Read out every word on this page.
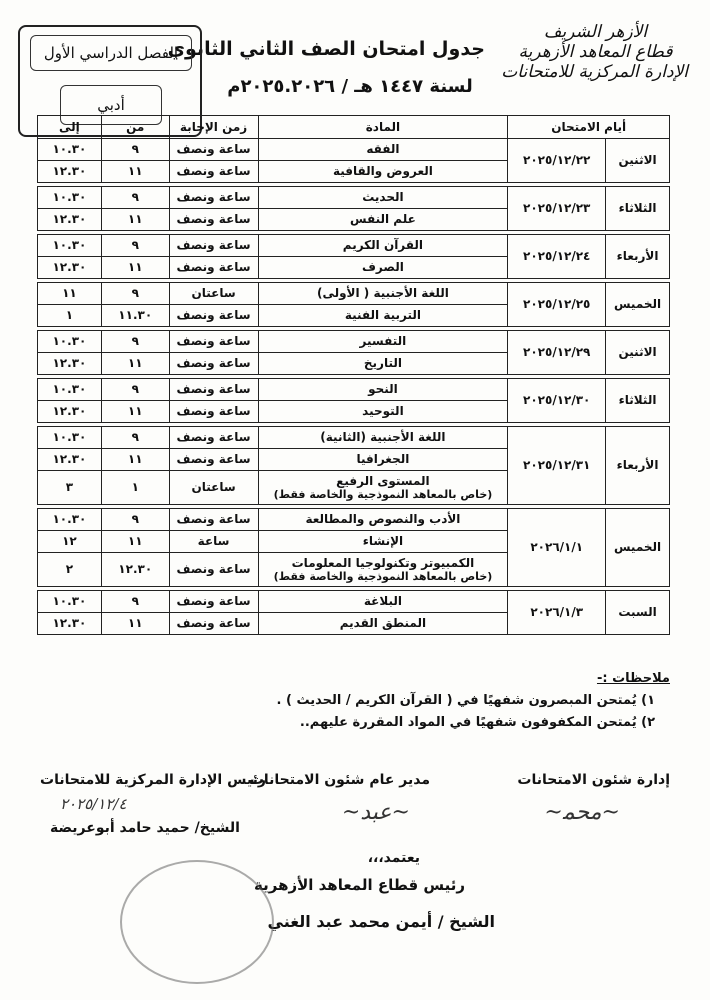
الأزهر الشريف
قطاع المعاهد الأزهرية
الإدارة المركزية للامتحانات
جدول امتحان الصف الثاني الثانوي
لسنة ١٤٤٧ هـ / ٢٠٢٥.٢٠٢٦م
الفصل الدراسي الأول
أدبي
أيام الامتحان		المادة	زمن الإجابة	من	إلى
الاثنين	٢٠٢٥/١٢/٢٢	الفقه	ساعة ونصف	٩	١٠.٣٠

		العروض والقافية	ساعة ونصف	١١	١٢.٣٠

الثلاثاء	٢٠٢٥/١٢/٢٣	الحديث	ساعة ونصف	٩	١٠.٣٠

		علم النفس	ساعة ونصف	١١	١٢.٣٠

الأربعاء	٢٠٢٥/١٢/٢٤	القرآن الكريم	ساعة ونصف	٩	١٠.٣٠

		الصرف	ساعة ونصف	١١	١٢.٣٠

الخميس	٢٠٢٥/١٢/٢٥	اللغة الأجنبية ( الأولى)	ساعتان	٩	١١

		التربية الفنية	ساعة ونصف	١١.٣٠	١

الاثنين	٢٠٢٥/١٢/٢٩	التفسير	ساعة ونصف	٩	١٠.٣٠

		التاريخ	ساعة ونصف	١١	١٢.٣٠

الثلاثاء	٢٠٢٥/١٢/٣٠	النحو	ساعة ونصف	٩	١٠.٣٠

		التوحيد	ساعة ونصف	١١	١٢.٣٠

الأربعاء	٢٠٢٥/١٢/٣١	اللغة الأجنبية (الثانية)	ساعة ونصف	٩	١٠.٣٠

		الجغرافيا	ساعة ونصف	١١	١٢.٣٠

		المستوى الرفيع
(خاص بالمعاهد النموذجية والخاصة فقط)	ساعتان	١	٣

الخميس	٢٠٢٦/١/١	الأدب والنصوص والمطالعة	ساعة ونصف	٩	١٠.٣٠

		الإنشاء	ساعة	١١	١٢

		الكمبيوتر وتكنولوجيا المعلومات
(خاص بالمعاهد النموذجية والخاصة فقط)	ساعة ونصف	١٢.٣٠	٢

السبت	٢٠٢٦/١/٣	البلاغة	ساعة ونصف	٩	١٠.٣٠

		المنطق القديم	ساعة ونصف	١١	١٢.٣٠
ملاحظات :-
١) يُمتحن المبصرون شفهيًا في ( القرآن الكريم / الحديث ) .
٢) يُمتحن المكفوفون شفهيًا في المواد المقررة عليهم..
إدارة شئون الامتحانات
مدير عام شئون الامتحانات
رئيس الإدارة المركزية للامتحانات
٢٠٢٥/١٢/٤
الشيخ/ حميد حامد أبوعريضة
~ﻣﺤﻤ~
~ﻋﺒﺪ~
يعتمد،،،
رئيس قطاع المعاهد الأزهرية
الشيخ / أيمن محمد عبد الغني
